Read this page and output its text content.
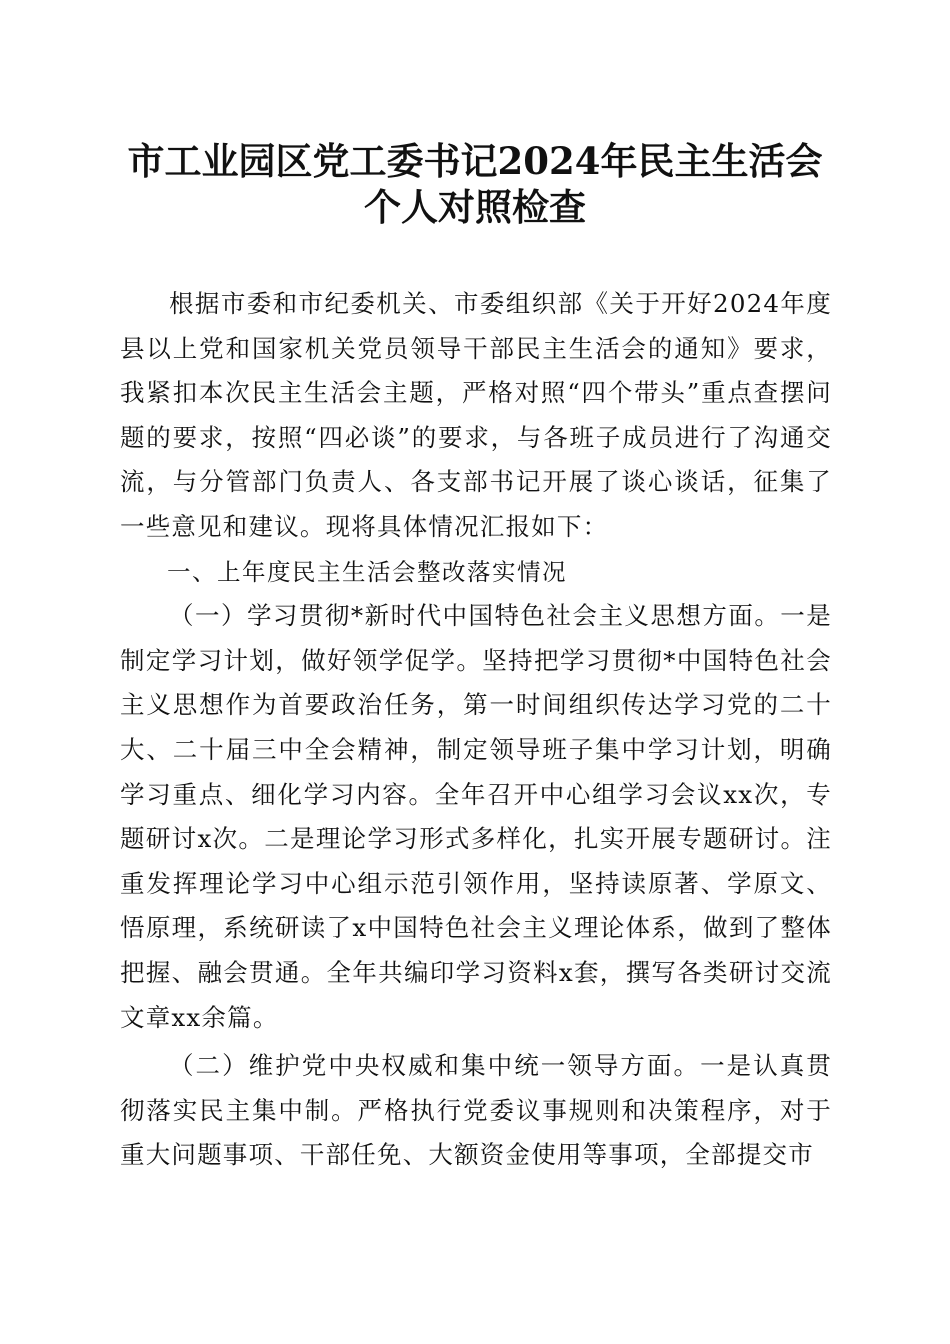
市工业园区党工委书记2024年民主生活会个人对照检查

根据市委和市纪委机关、市委组织部《关于开好2024年度县以上党和国家机关党员领导干部民主生活会的通知》要求，我紧扣本次民主生活会主题，严格对照“四个带头”重点查摆问题的要求，按照“四必谈”的要求，与各班子成员进行了沟通交流，与分管部门负责人、各支部书记开展了谈心谈话，征集了一些意见和建议。现将具体情况汇报如下：

一、上年度民主生活会整改落实情况

（一）学习贯彻*新时代中国特色社会主义思想方面。一是制定学习计划，做好领学促学。坚持把学习贯彻*中国特色社会主义思想作为首要政治任务，第一时间组织传达学习党的二十大、二十届三中全会精神，制定领导班子集中学习计划，明确学习重点、细化学习内容。全年召开中心组学习会议xx次，专题研讨x次。二是理论学习形式多样化，扎实开展专题研讨。注重发挥理论学习中心组示范引领作用，坚持读原著、学原文、悟原理，系统研读了x中国特色社会主义理论体系，做到了整体把握、融会贯通。全年共编印学习资料x套，撰写各类研讨交流文章xx余篇。

（二）维护党中央权威和集中统一领导方面。一是认真贯彻落实民主集中制。严格执行党委议事规则和决策程序，对于重大问题事项、干部任免、大额资金使用等事项，全部提交市
